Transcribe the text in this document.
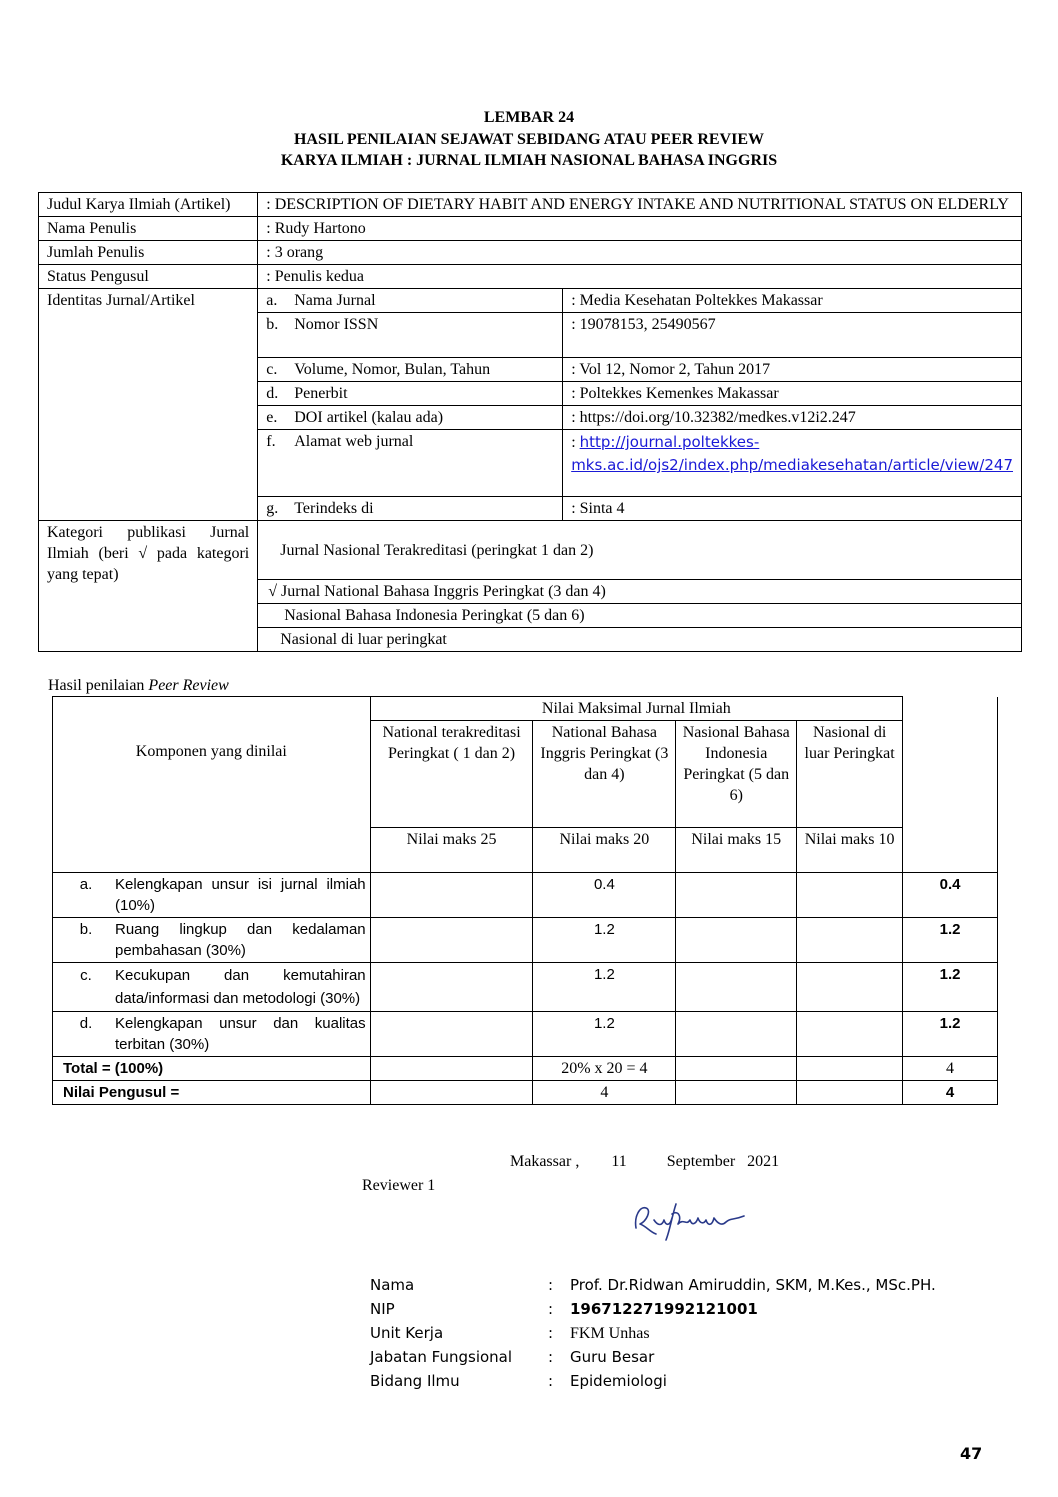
LEMBAR 24
HASIL PENILAIAN SEJAWAT SEBIDANG ATAU PEER REVIEW
KARYA ILMIAH : JURNAL ILMIAH NASIONAL BAHASA INGGRIS
Judul Karya Ilmiah (Artikel)	: DESCRIPTION OF DIETARY HABIT AND ENERGY INTAKE AND NUTRITIONAL STATUS ON ELDERLY	
Nama Penulis	: Rudy Hartono	
Jumlah Penulis	: 3 orang	
Status Pengusul	: Penulis kedua	
Identitas Jurnal/Artikel	a. Nama Jurnal	: Media Kesehatan Poltekkes Makassar
	b. Nomor ISSN	: 19078153, 25490567
	c. Volume, Nomor, Bulan, Tahun	: Vol 12, Nomor 2, Tahun 2017
	d. Penerbit	: Poltekkes Kemenkes Makassar
	e. DOI artikel (kalau ada)	: https://doi.org/10.32382/medkes.v12i2.247
	f. Alamat web jurnal	: http://journal.poltekkes-mks.ac.id/ojs2/index.php/mediakesehatan/article/view/247
	g. Terindeks di	: Sinta 4
Kategori publikasi Jurnal Ilmiah (beri √ pada kategori yang tepat)	Jurnal Nasional Terakreditasi (peringkat 1 dan 2)	
	√ Jurnal National Bahasa Inggris Peringkat (3 dan 4)	
	Nasional Bahasa Indonesia Peringkat (5 dan 6)	
	Nasional di luar peringkat	
Hasil penilaian Peer Review
Komponen yang dinilai	Nilai Maksimal Jurnal Ilmiah				
	National terakreditasi Peringkat ( 1 dan 2)	National Bahasa Inggris Peringkat (3 dan 4)	Nasional Bahasa Indonesia Peringkat (5 dan 6)	Nasional di luar Peringkat	
	Nilai maks 25	Nilai maks 20	Nilai maks 15	Nilai maks 10	

a. Kelengkapan unsur isi jurnal ilmiah (10%)		0.4			0.4

b. Ruang lingkup dan kedalaman pembahasan (30%)		1.2			1.2

c. Kecukupan dan kemutahiran data/informasi dan metodologi (30%)		1.2			1.2

d. Kelengkapan unsur dan kualitas terbitan (30%)		1.2			1.2
Total = (100%)		20% x 20 = 4			4
Nilai Pengusul =		4			4
Makassar ,        11          September   2021
Reviewer 1
Nama	: Prof. Dr.Ridwan Amiruddin, SKM, M.Kes., MSc.PH.
NIP	: 196712271992121001
Unit Kerja	: FKM Unhas
Jabatan Fungsional : Guru Besar
Bidang Ilmu	: Epidemiologi
47
